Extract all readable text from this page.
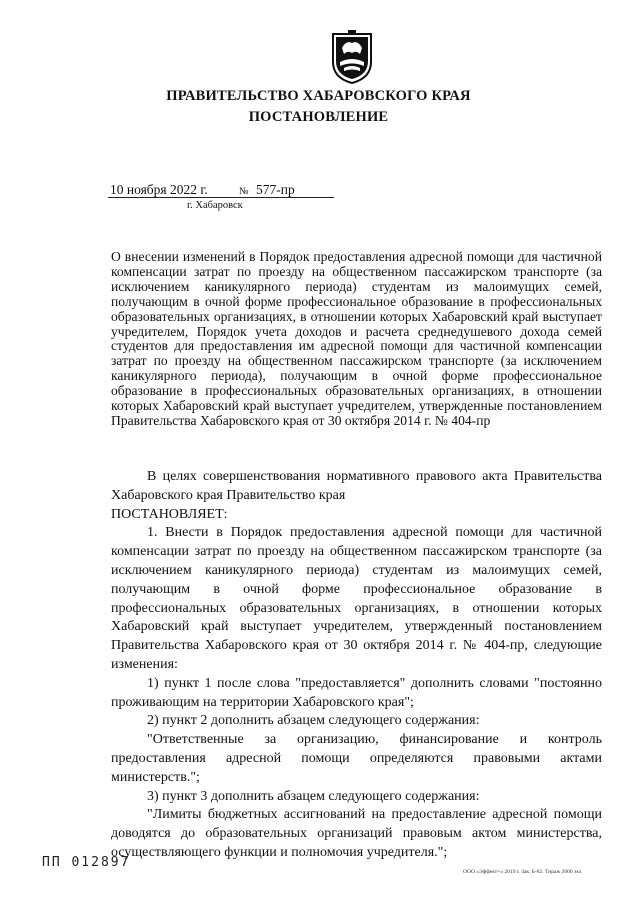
ПРАВИТЕЛЬСТВО ХАБАРОВСКОГО КРАЯ
ПОСТАНОВЛЕНИЕ
10 ноября 2022 г.	№ 577-пр
г. Хабаровск
О внесении изменений в Порядок предоставления адресной помощи для частичной компенсации затрат по проезду на общественном пассажирском транспорте (за исключением каникулярного периода) студентам из малоимущих семей, получающим в очной форме профессиональное образование в профессиональных образовательных организациях, в отношении которых Хабаровский край выступает учредителем, Порядок учета доходов и расчета среднедушевого дохода семей студентов для предоставления им адресной помощи для частичной компенсации затрат по проезду на общественном пассажирском транспорте (за исключением каникулярного периода), получающим в очной форме профессиональное образование в профессиональных образовательных организациях, в отношении которых Хабаровский край выступает учредителем, утвержденные постановлением Правительства Хабаровского края от 30 октября 2014 г. № 404-пр

В целях совершенствования нормативного правового акта Правительства Хабаровского края Правительство края

ПОСТАНОВЛЯЕТ:

1. Внести в Порядок предоставления адресной помощи для частичной компенсации затрат по проезду на общественном пассажирском транспорте (за исключением каникулярного периода) студентам из малоимущих семей, получающим в очной форме профессиональное образование в профессиональных образовательных организациях, в отношении которых Хабаровский край выступает учредителем, утвержденный постановлением Правительства Хабаровского края от 30 октября 2014 г. № 404-пр, следующие изменения:

1) пункт 1 после слова "предоставляется" дополнить словами "постоянно проживающим на территории Хабаровского края";

2) пункт 2 дополнить абзацем следующего содержания:

"Ответственные за организацию, финансирование и контроль предоставления адресной помощи определяются правовыми актами министерств.";

3) пункт 3 дополнить абзацем следующего содержания:

"Лимиты бюджетных ассигнований на предоставление адресной помощи доводятся до образовательных организаций правовым актом министерства, осуществляющего функции и полномочия учредителя.";

ПП 012897
ООО «Эффект+» 2019 г. Зак. Б-82. Тираж 2000 экз.
